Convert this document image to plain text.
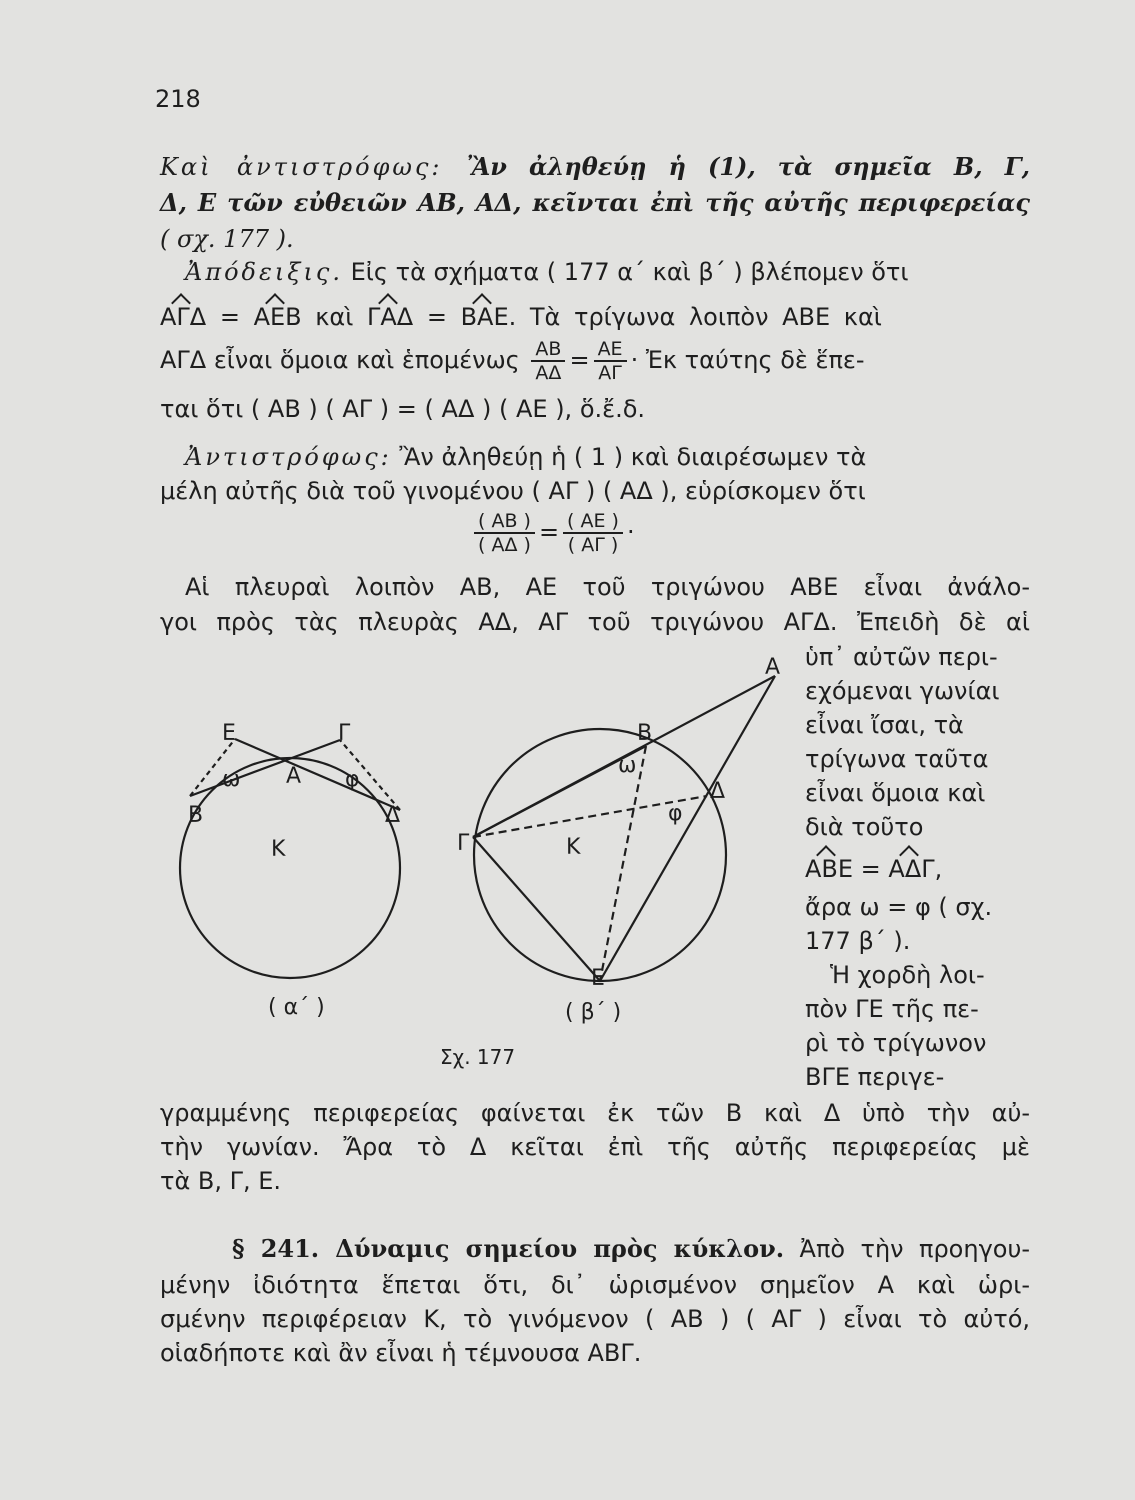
218
Καὶ ἀντιστρόφως: Ἂν ἀληθεύῃ ἡ (1), τὰ σημεῖα Β, Γ,
Δ, Ε τῶν εὐθειῶν ΑΒ, ΑΔ, κεῖνται ἐπὶ τῆς αὐτῆς περιφερείας
( σχ. 177 ).
Ἀπόδειξις. Εἰς τὰ σχήματα ( 177 α΄ καὶ β΄ ) βλέπομεν ὅτι
ΑΓΔ = ΑΕΒ καὶ ΓΑΔ = ΒΑΕ. Τὰ τρίγωνα λοιπὸν ΑΒΕ καὶ
ΑΓΔ εἶναι ὅμοια καὶ ἑπομένως $\frac{AB}{A\Delta} = \frac{AE}{A\Gamma}$ · Ἐκ ταύτης δὲ ἕπε-
ται ὅτι ( ΑΒ ) ( ΑΓ ) = ( ΑΔ ) ( ΑΕ ), ὅ.ἔ.δ.
Ἀντιστρόφως: Ἂν ἀληθεύῃ ἡ ( 1 ) καὶ διαιρέσωμεν τὰ
μέλη αὐτῆς διὰ τοῦ γινομένου ( ΑΓ ) ( ΑΔ ), εὑρίσκομεν ὅτι
$\frac{( AB )}{( A\Delta )} = \frac{( AE )}{( A\Gamma )}$ ·
Αἱ πλευραὶ λοιπὸν ΑΒ, ΑΕ τοῦ τριγώνου ΑΒΕ εἶναι ἀνάλο-
γοι πρὸς τὰς πλευρὰς ΑΔ, ΑΓ τοῦ τριγώνου ΑΓΔ. Ἐπειδὴ δὲ αἱ
ὑπ᾽ αὐτῶν περι-
εχόμεναι γωνίαι
εἶναι ἴσαι, τὰ
τρίγωνα ταῦτα
εἶναι ὅμοια καὶ
διὰ τοῦτο
ΑΒΕ = ΑΔΓ,
ἄρα ω = φ ( σχ.
177 β΄ ).
Ἡ χορδὴ λοι-
πὸν ΓΕ τῆς πε-
ρὶ τὸ τρίγωνον
ΒΓΕ περιγε-
Ε	Γ
Α
Β	Δ
Κ
ω	φ
Α
Β
Γ
Δ
Ε
Κ
ω
φ
( α΄ )	( β΄ )
Σχ. 177
γραμμένης περιφερείας φαίνεται ἐκ τῶν Β καὶ Δ ὑπὸ τὴν αὐ-
τὴν γωνίαν. Ἄρα τὸ Δ κεῖται ἐπὶ τῆς αὐτῆς περιφερείας μὲ
τὰ Β, Γ, Ε.
§ 241. Δύναμις σημείου πρὸς κύκλον. Ἀπὸ τὴν προηγου-
μένην ἰδιότητα ἕπεται ὅτι, δι᾽ ὡρισμένον σημεῖον Α καὶ ὡρι-
σμένην περιφέρειαν Κ, τὸ γινόμενον ( ΑΒ ) ( ΑΓ ) εἶναι τὸ αὐτό,
οἱαδήποτε καὶ ἂν εἶναι ἡ τέμνουσα ΑΒΓ.
